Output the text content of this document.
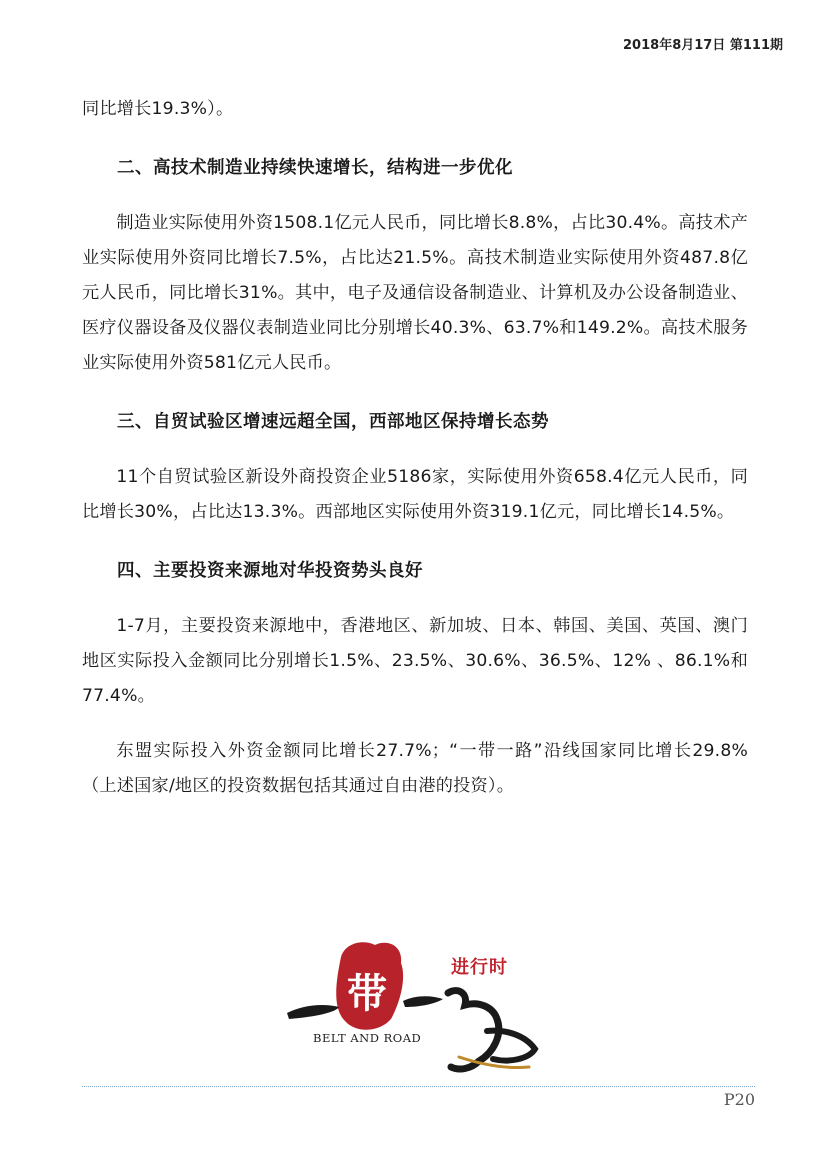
2018年8月17日 第111期

同比增长19.3%）。

二、高技术制造业持续快速增长，结构进一步优化

制造业实际使用外资1508.1亿元人民币，同比增长8.8%，占比30.4%。高技术产业实际使用外资同比增长7.5%，占比达21.5%。高技术制造业实际使用外资487.8亿元人民币，同比增长31%。其中，电子及通信设备制造业、计算机及办公设备制造业、医疗仪器设备及仪器仪表制造业同比分别增长40.3%、63.7%和149.2%。高技术服务业实际使用外资581亿元人民币。

三、自贸试验区增速远超全国，西部地区保持增长态势

11个自贸试验区新设外商投资企业5186家，实际使用外资658.4亿元人民币，同比增长30%，占比达13.3%。西部地区实际使用外资319.1亿元，同比增长14.5%。

四、主要投资来源地对华投资势头良好

1-7月，主要投资来源地中，香港地区、新加坡、日本、韩国、美国、英国、澳门地区实际投入金额同比分别增长1.5%、23.5%、30.6%、36.5%、12% 、86.1%和77.4%。

东盟实际投入外资金额同比增长27.7%；“一带一路”沿线国家同比增长29.8%（上述国家/地区的投资数据包括其通过自由港的投资）。

带
进行时
BELT AND ROAD
P20
